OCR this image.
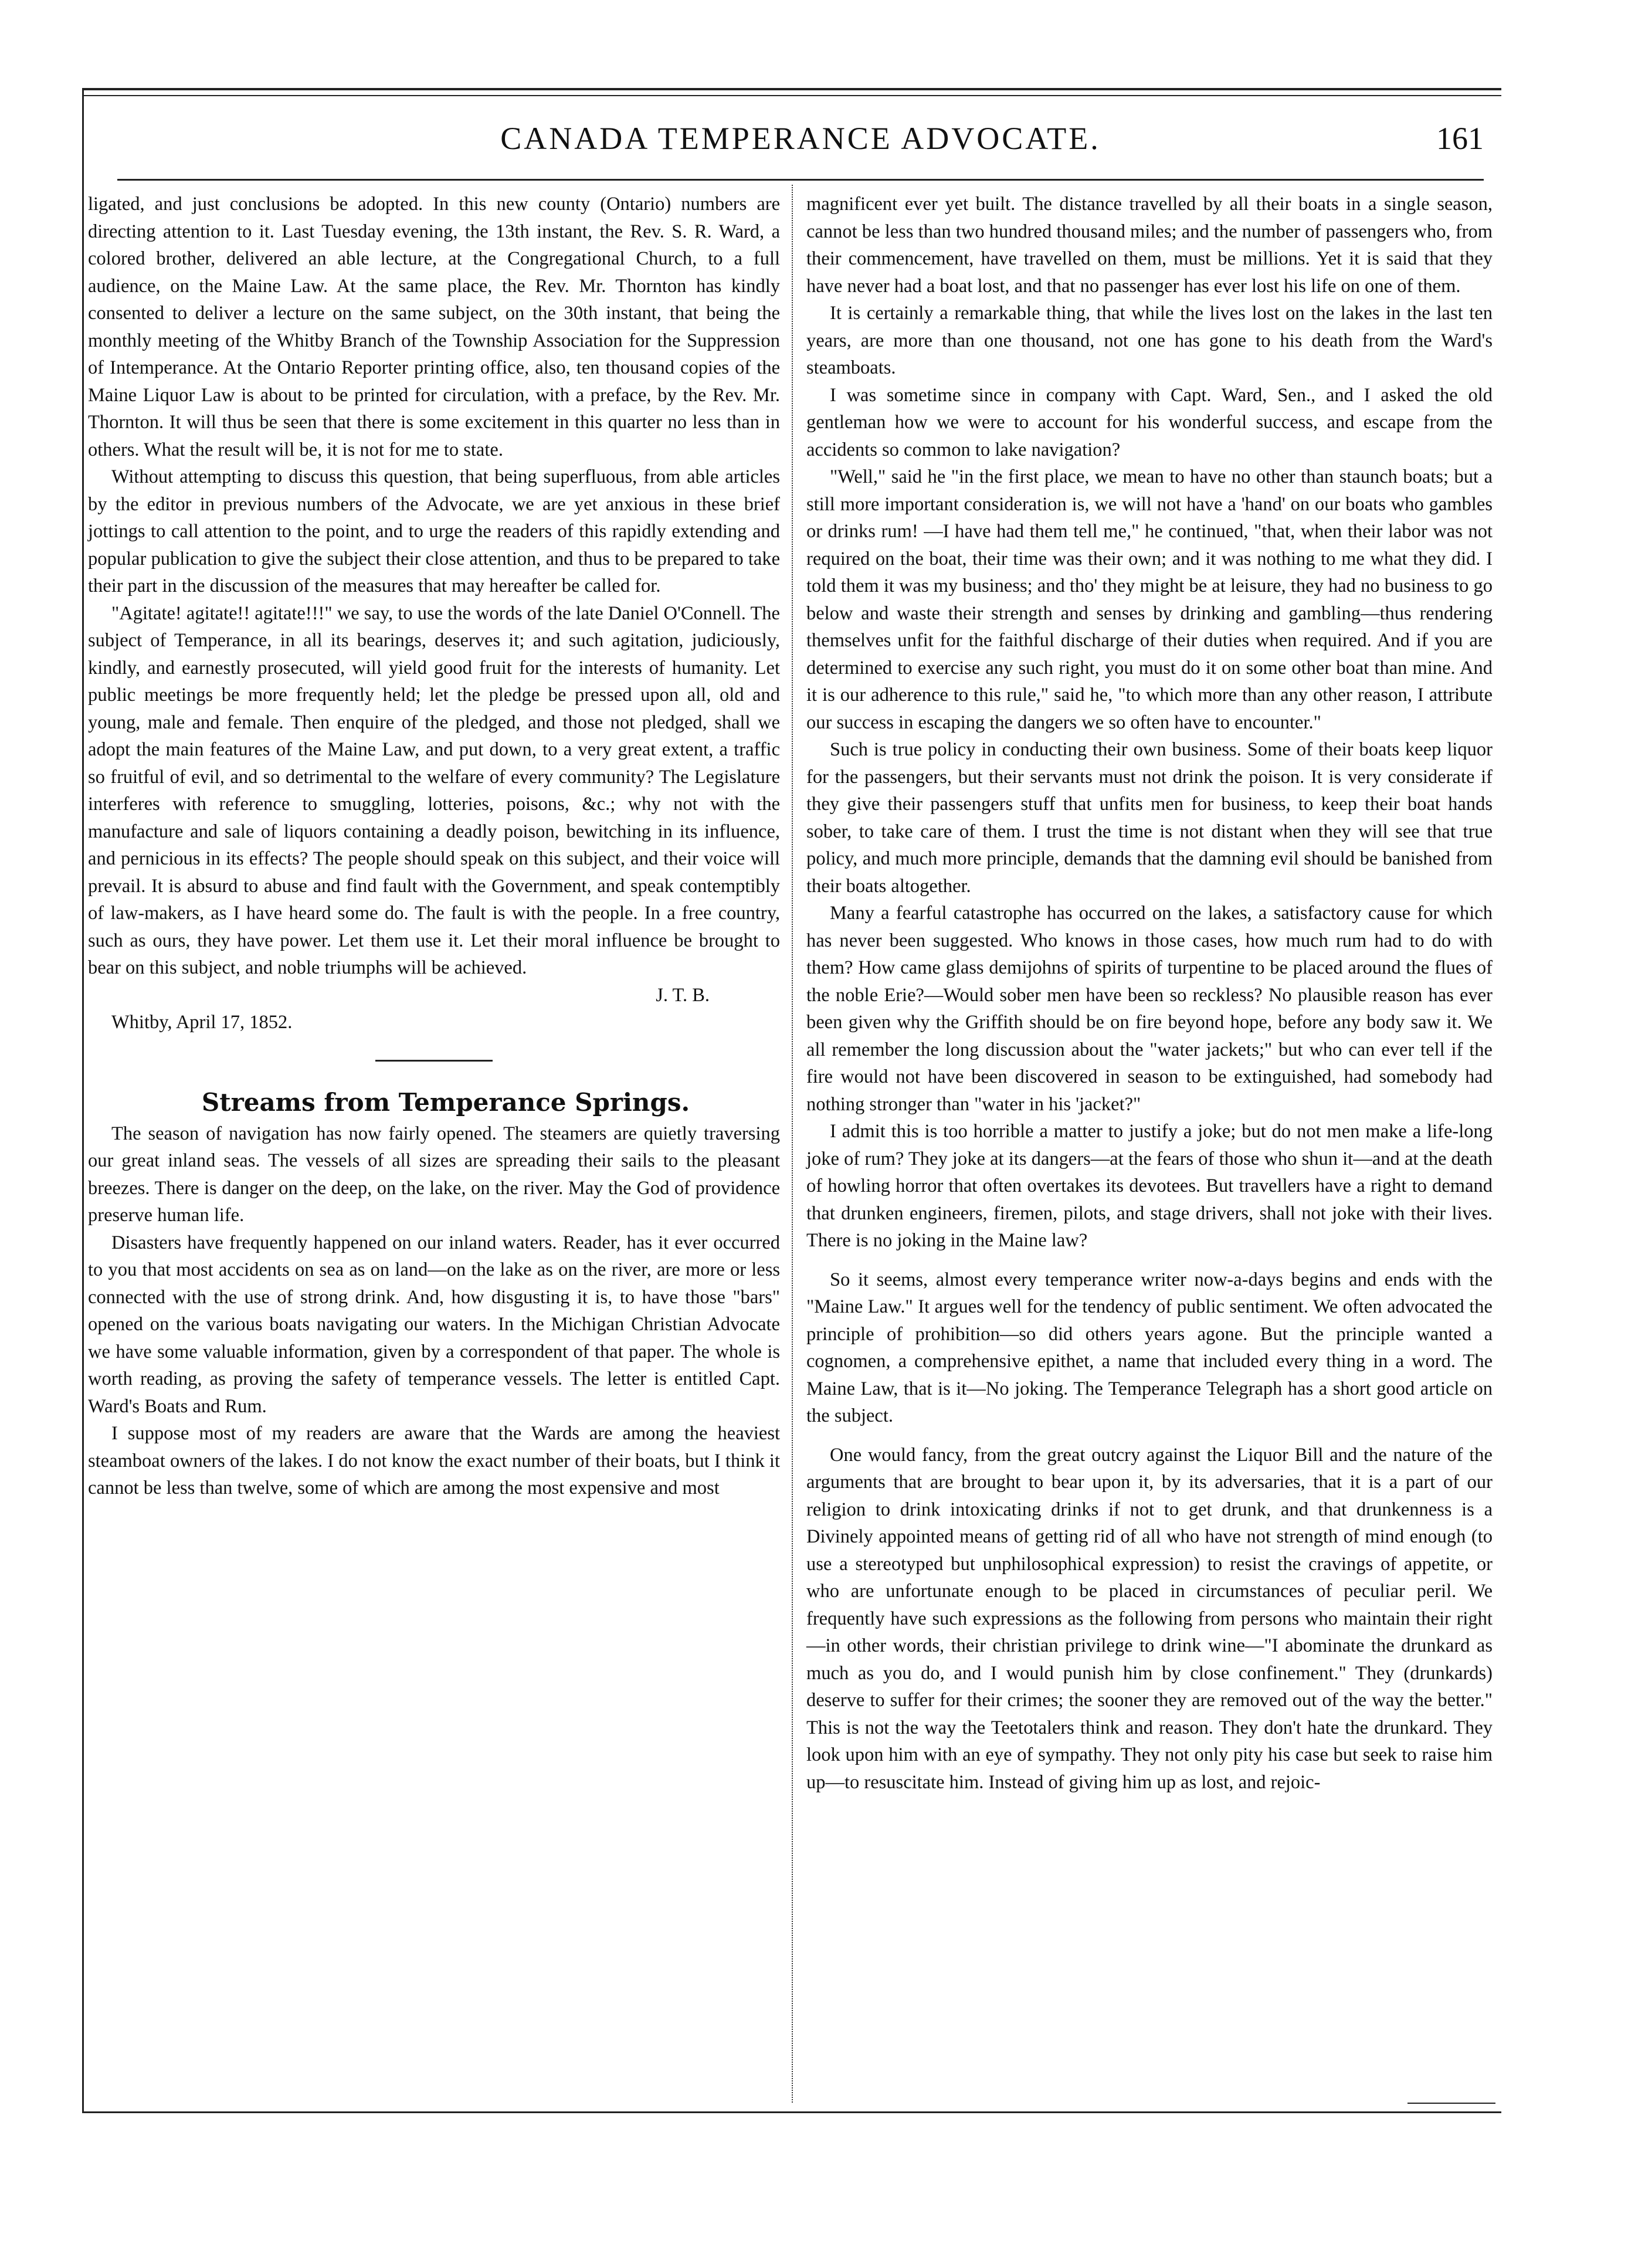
CANADA TEMPERANCE ADVOCATE.	161

ligated, and just conclusions be adopted. In this new county (Ontario) numbers are directing attention to it. Last Tuesday evening, the 13th instant, the Rev. S. R. Ward, a colored brother, delivered an able lecture, at the Congregational Church, to a full audience, on the Maine Law. At the same place, the Rev. Mr. Thornton has kindly consented to deliver a lecture on the same subject, on the 30th instant, that being the monthly meeting of the Whitby Branch of the Township Association for the Suppression of Intemperance. At the Ontario Reporter printing office, also, ten thousand copies of the Maine Liquor Law is about to be printed for circulation, with a preface, by the Rev. Mr. Thornton. It will thus be seen that there is some excitement in this quarter no less than in others. What the result will be, it is not for me to state.

Without attempting to discuss this question, that being superfluous, from able articles by the editor in previous numbers of the Advocate, we are yet anxious in these brief jottings to call attention to the point, and to urge the readers of this rapidly extending and popular publication to give the subject their close attention, and thus to be prepared to take their part in the discussion of the measures that may hereafter be called for.

"Agitate! agitate!! agitate!!!" we say, to use the words of the late Daniel O'Connell. The subject of Temperance, in all its bearings, deserves it; and such agitation, judiciously, kindly, and earnestly prosecuted, will yield good fruit for the interests of humanity. Let public meetings be more frequently held; let the pledge be pressed upon all, old and young, male and female. Then enquire of the pledged, and those not pledged, shall we adopt the main features of the Maine Law, and put down, to a very great extent, a traffic so fruitful of evil, and so detrimental to the welfare of every community? The Legislature interferes with reference to smuggling, lotteries, poisons, &c.; why not with the manufacture and sale of liquors containing a deadly poison, bewitching in its influence, and pernicious in its effects? The people should speak on this subject, and their voice will prevail. It is absurd to abuse and find fault with the Government, and speak contemptibly of law-makers, as I have heard some do. The fault is with the people. In a free country, such as ours, they have power. Let them use it. Let their moral influence be brought to bear on this subject, and noble triumphs will be achieved.

J. T. B.

Whitby, April 17, 1852.

Streams from Temperance Springs.

The season of navigation has now fairly opened. The steamers are quietly traversing our great inland seas. The vessels of all sizes are spreading their sails to the pleasant breezes. There is danger on the deep, on the lake, on the river. May the God of providence preserve human life.

Disasters have frequently happened on our inland waters. Reader, has it ever occurred to you that most accidents on sea as on land—on the lake as on the river, are more or less connected with the use of strong drink. And, how disgusting it is, to have those "bars" opened on the various boats navigating our waters. In the Michigan Christian Advocate we have some valuable information, given by a correspondent of that paper. The whole is worth reading, as proving the safety of temperance vessels. The letter is entitled Capt. Ward's Boats and Rum.

I suppose most of my readers are aware that the Wards are among the heaviest steamboat owners of the lakes. I do not know the exact number of their boats, but I think it cannot be less than twelve, some of which are among the most expensive and most

magnificent ever yet built. The distance travelled by all their boats in a single season, cannot be less than two hundred thousand miles; and the number of passengers who, from their commencement, have travelled on them, must be millions. Yet it is said that they have never had a boat lost, and that no passenger has ever lost his life on one of them.

It is certainly a remarkable thing, that while the lives lost on the lakes in the last ten years, are more than one thousand, not one has gone to his death from the Ward's steamboats.

I was sometime since in company with Capt. Ward, Sen., and I asked the old gentleman how we were to account for his wonderful success, and escape from the accidents so common to lake navigation?

"Well," said he "in the first place, we mean to have no other than staunch boats; but a still more important consideration is, we will not have a 'hand' on our boats who gambles or drinks rum! —I have had them tell me," he continued, "that, when their labor was not required on the boat, their time was their own; and it was nothing to me what they did. I told them it was my business; and tho' they might be at leisure, they had no business to go below and waste their strength and senses by drinking and gambling—thus rendering themselves unfit for the faithful discharge of their duties when required. And if you are determined to exercise any such right, you must do it on some other boat than mine. And it is our adherence to this rule," said he, "to which more than any other reason, I attribute our success in escaping the dangers we so often have to encounter."

Such is true policy in conducting their own business. Some of their boats keep liquor for the passengers, but their servants must not drink the poison. It is very considerate if they give their passengers stuff that unfits men for business, to keep their boat hands sober, to take care of them. I trust the time is not distant when they will see that true policy, and much more principle, demands that the damning evil should be banished from their boats altogether.

Many a fearful catastrophe has occurred on the lakes, a satisfactory cause for which has never been suggested. Who knows in those cases, how much rum had to do with them? How came glass demijohns of spirits of turpentine to be placed around the flues of the noble Erie?—Would sober men have been so reckless? No plausible reason has ever been given why the Griffith should be on fire beyond hope, before any body saw it. We all remember the long discussion about the "water jackets;" but who can ever tell if the fire would not have been discovered in season to be extinguished, had somebody had nothing stronger than "water in his 'jacket?"

I admit this is too horrible a matter to justify a joke; but do not men make a life-long joke of rum? They joke at its dangers—at the fears of those who shun it—and at the death of howling horror that often overtakes its devotees. But travellers have a right to demand that drunken engineers, firemen, pilots, and stage drivers, shall not joke with their lives. There is no joking in the Maine law?

So it seems, almost every temperance writer now-a-days begins and ends with the "Maine Law." It argues well for the tendency of public sentiment. We often advocated the principle of prohibition—so did others years agone. But the principle wanted a cognomen, a comprehensive epithet, a name that included every thing in a word. The Maine Law, that is it—No joking. The Temperance Telegraph has a short good article on the subject.

One would fancy, from the great outcry against the Liquor Bill and the nature of the arguments that are brought to bear upon it, by its adversaries, that it is a part of our religion to drink intoxicating drinks if not to get drunk, and that drunkenness is a Divinely appointed means of getting rid of all who have not strength of mind enough (to use a stereotyped but unphilosophical expression) to resist the cravings of appetite, or who are unfortunate enough to be placed in circumstances of peculiar peril. We frequently have such expressions as the following from persons who maintain their right—in other words, their christian privilege to drink wine—"I abominate the drunkard as much as you do, and I would punish him by close confinement." They (drunkards) deserve to suffer for their crimes; the sooner they are removed out of the way the better." This is not the way the Teetotalers think and reason. They don't hate the drunkard. They look upon him with an eye of sympathy. They not only pity his case but seek to raise him up—to resuscitate him. Instead of giving him up as lost, and rejoic-
